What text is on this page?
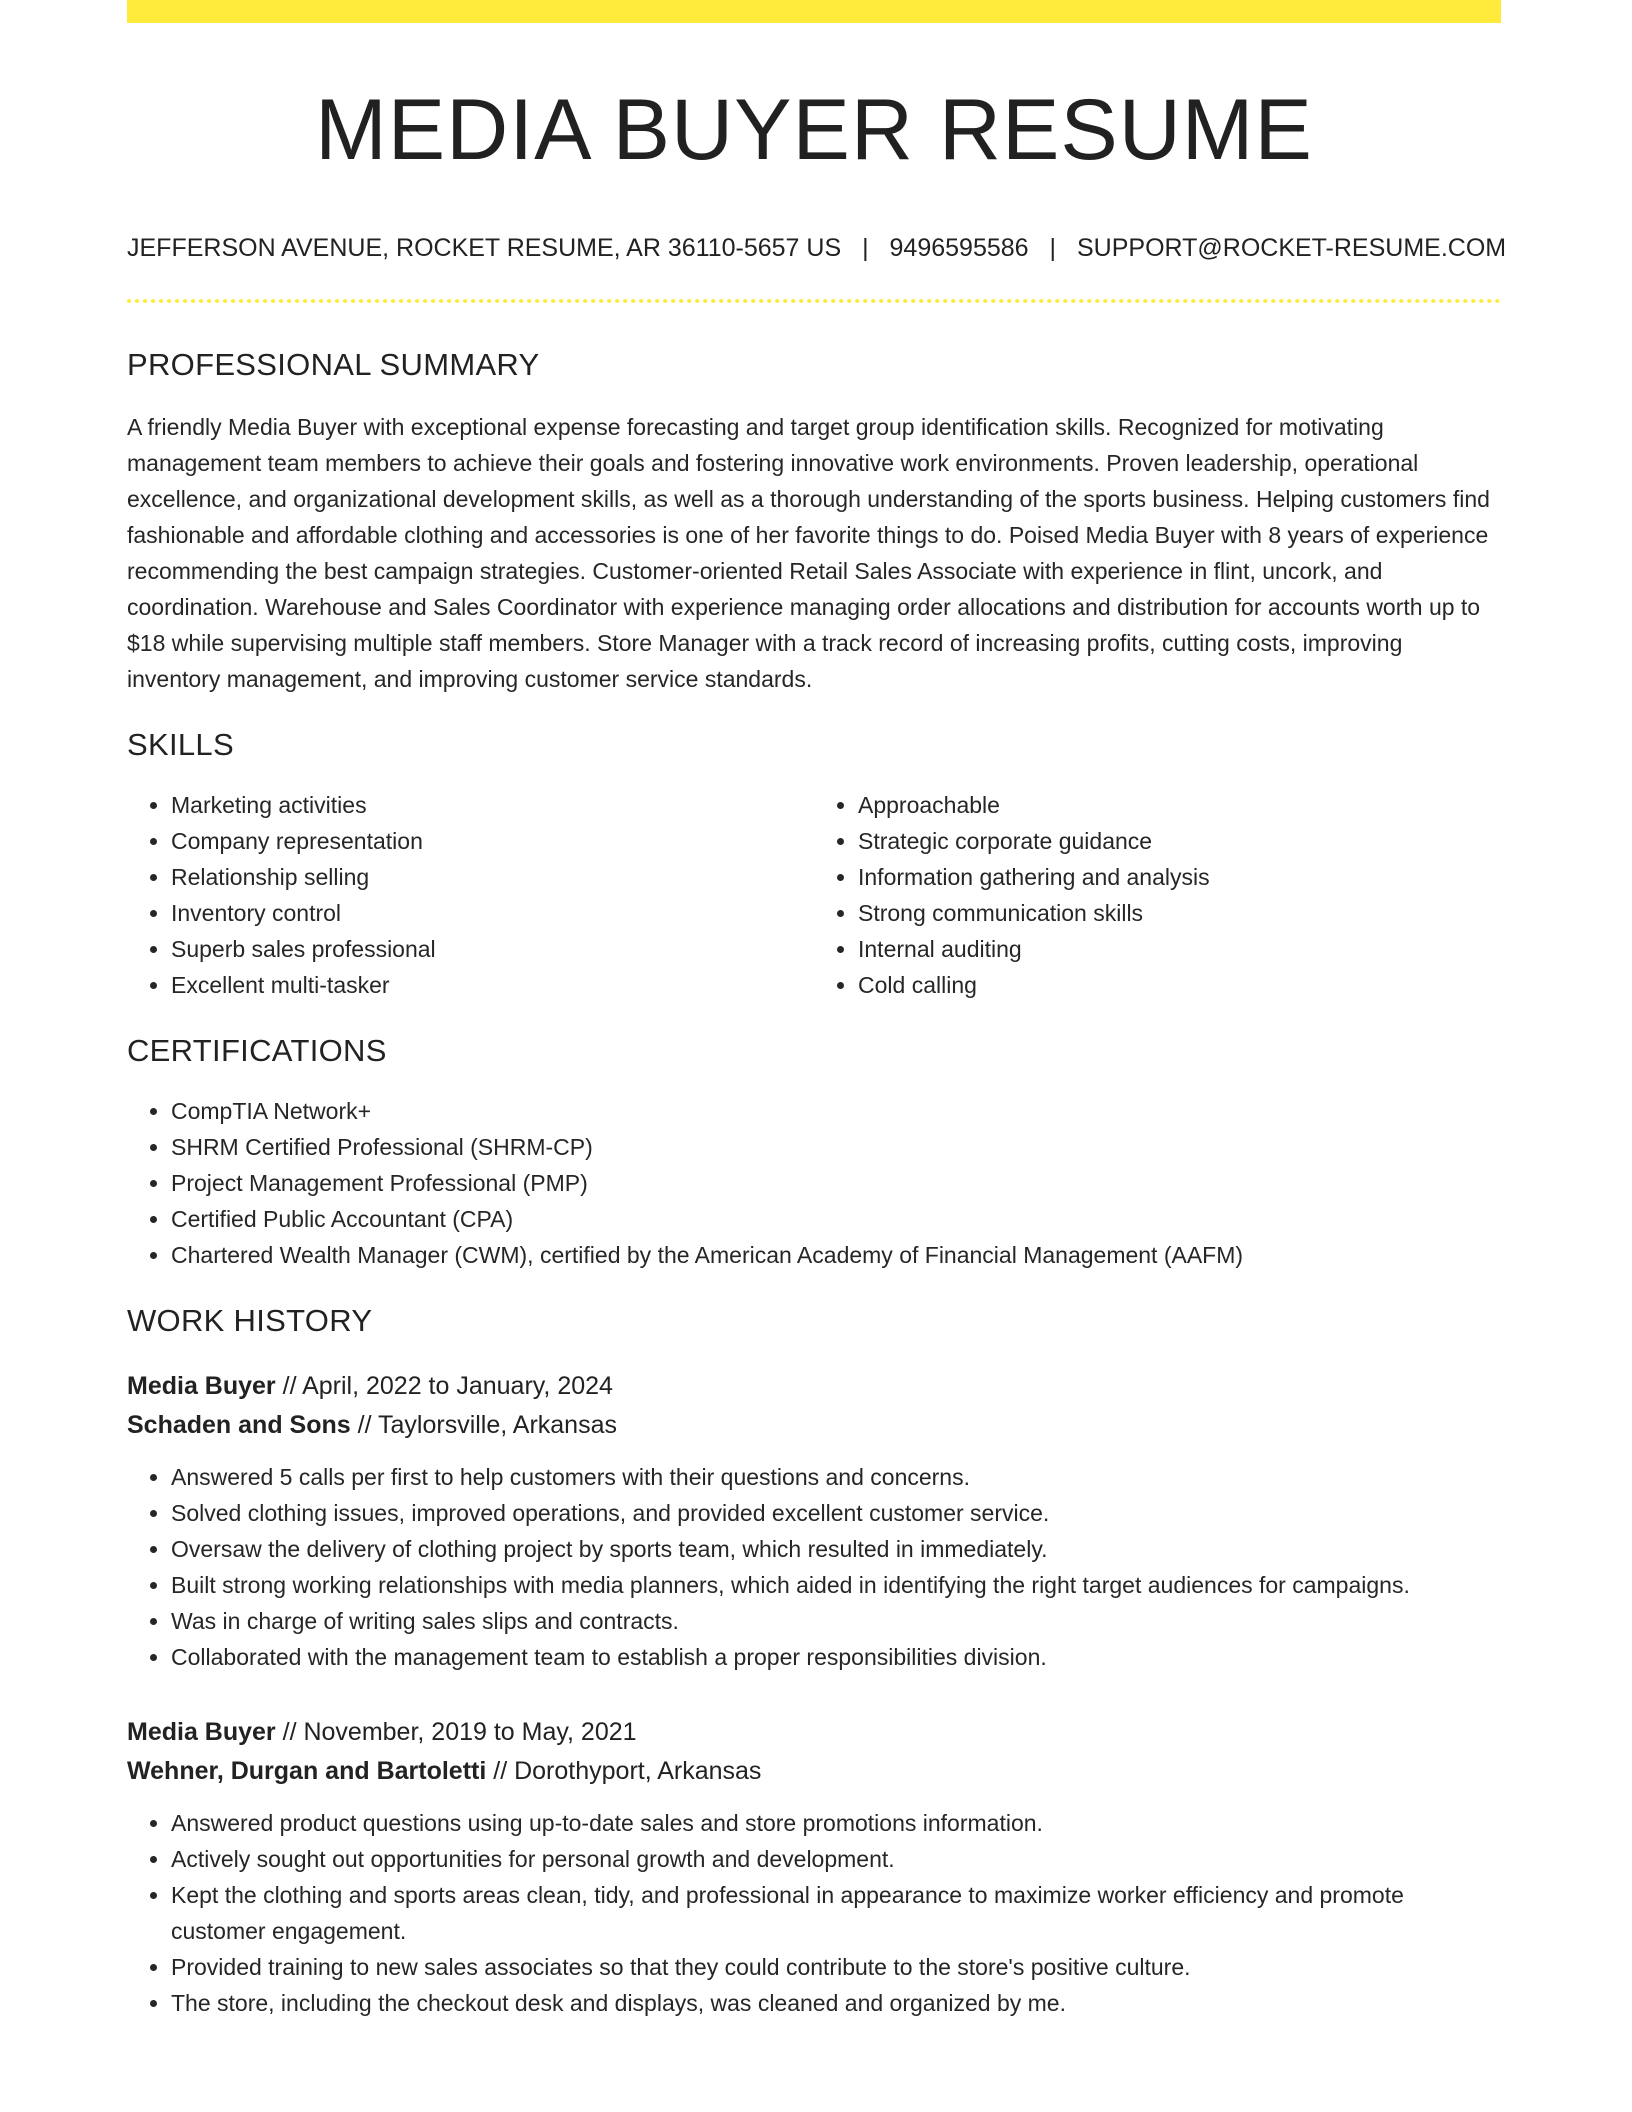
MEDIA BUYER RESUME
JEFFERSON AVENUE, ROCKET RESUME, AR 36110-5657 US | 9496595586 | SUPPORT@ROCKET-RESUME.COM
PROFESSIONAL SUMMARY

A friendly Media Buyer with exceptional expense forecasting and target group identification skills. Recognized for motivating management team members to achieve their goals and fostering innovative work environments. Proven leadership, operational excellence, and organizational development skills, as well as a thorough understanding of the sports business. Helping customers find fashionable and affordable clothing and accessories is one of her favorite things to do. Poised Media Buyer with 8 years of experience recommending the best campaign strategies. Customer-oriented Retail Sales Associate with experience in flint, uncork, and coordination. Warehouse and Sales Coordinator with experience managing order allocations and distribution for accounts worth up to $18 while supervising multiple staff members. Store Manager with a track record of increasing profits, cutting costs, improving inventory management, and improving customer service standards.

SKILLS
• Marketing activities
• Company representation
• Relationship selling
• Inventory control
• Superb sales professional
• Excellent multi-tasker
• Approachable
• Strategic corporate guidance
• Information gathering and analysis
• Strong communication skills
• Internal auditing
• Cold calling
CERTIFICATIONS
• CompTIA Network+
• SHRM Certified Professional (SHRM-CP)
• Project Management Professional (PMP)
• Certified Public Accountant (CPA)
• Chartered Wealth Manager (CWM), certified by the American Academy of Financial Management (AAFM)
WORK HISTORY
Media Buyer // April, 2022 to January, 2024
Schaden and Sons // Taylorsville, Arkansas
• Answered 5 calls per first to help customers with their questions and concerns.
• Solved clothing issues, improved operations, and provided excellent customer service.
• Oversaw the delivery of clothing project by sports team, which resulted in immediately.
• Built strong working relationships with media planners, which aided in identifying the right target audiences for campaigns.
• Was in charge of writing sales slips and contracts.
• Collaborated with the management team to establish a proper responsibilities division.
Media Buyer // November, 2019 to May, 2021
Wehner, Durgan and Bartoletti // Dorothyport, Arkansas
• Answered product questions using up-to-date sales and store promotions information.
• Actively sought out opportunities for personal growth and development.
• Kept the clothing and sports areas clean, tidy, and professional in appearance to maximize worker efficiency and promote customer engagement.
• Provided training to new sales associates so that they could contribute to the store's positive culture.
• The store, including the checkout desk and displays, was cleaned and organized by me.
